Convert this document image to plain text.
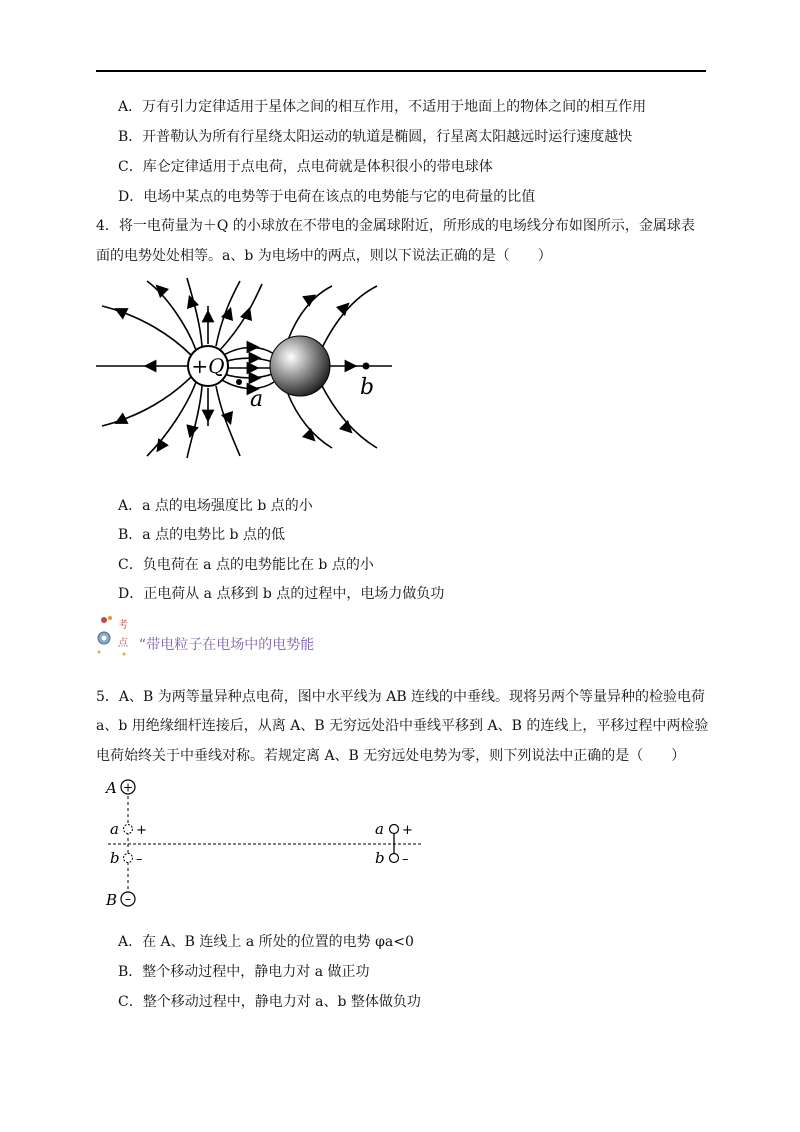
A．万有引力定律适用于星体之间的相互作用，不适用于地面上的物体之间的相互作用
B．开普勒认为所有行星绕太阳运动的轨道是椭圆，行星离太阳越远时运行速度越快
C．库仑定律适用于点电荷，点电荷就是体积很小的带电球体
D．电场中某点的电势等于电荷在该点的电势能与它的电荷量的比值
4．将一电荷量为＋Q 的小球放在不带电的金属球附近，所形成的电场线分布如图所示，金属球表
面的电势处处相等。a、b 为电场中的两点，则以下说法正确的是（　　）
+Q
a	b
A．a 点的电场强度比 b 点的小
B．a 点的电势比 b 点的低
C．负电荷在 a 点的电势能比在 b 点的小
D．正电荷从 a 点移到 b 点的过程中，电场力做负功
考
点 “带电粒子在电场中的电势能
5．A、B 为两等量异种点电荷，图中水平线为 AB 连线的中垂线。现将另两个等量异种的检验电荷
a、b 用绝缘细杆连接后，从离 A、B 无穷远处沿中垂线平移到 A、B 的连线上，平移过程中两检验
电荷始终关于中垂线对称。若规定离 A、B 无穷远处电势为零，则下列说法中正确的是（　　）
+
A
–
B
a
b
+
–
a
b
+
–
A．在 A、B 连线上 a 所处的位置的电势 φa<0
B．整个移动过程中，静电力对 a 做正功
C．整个移动过程中，静电力对 a、b 整体做负功
